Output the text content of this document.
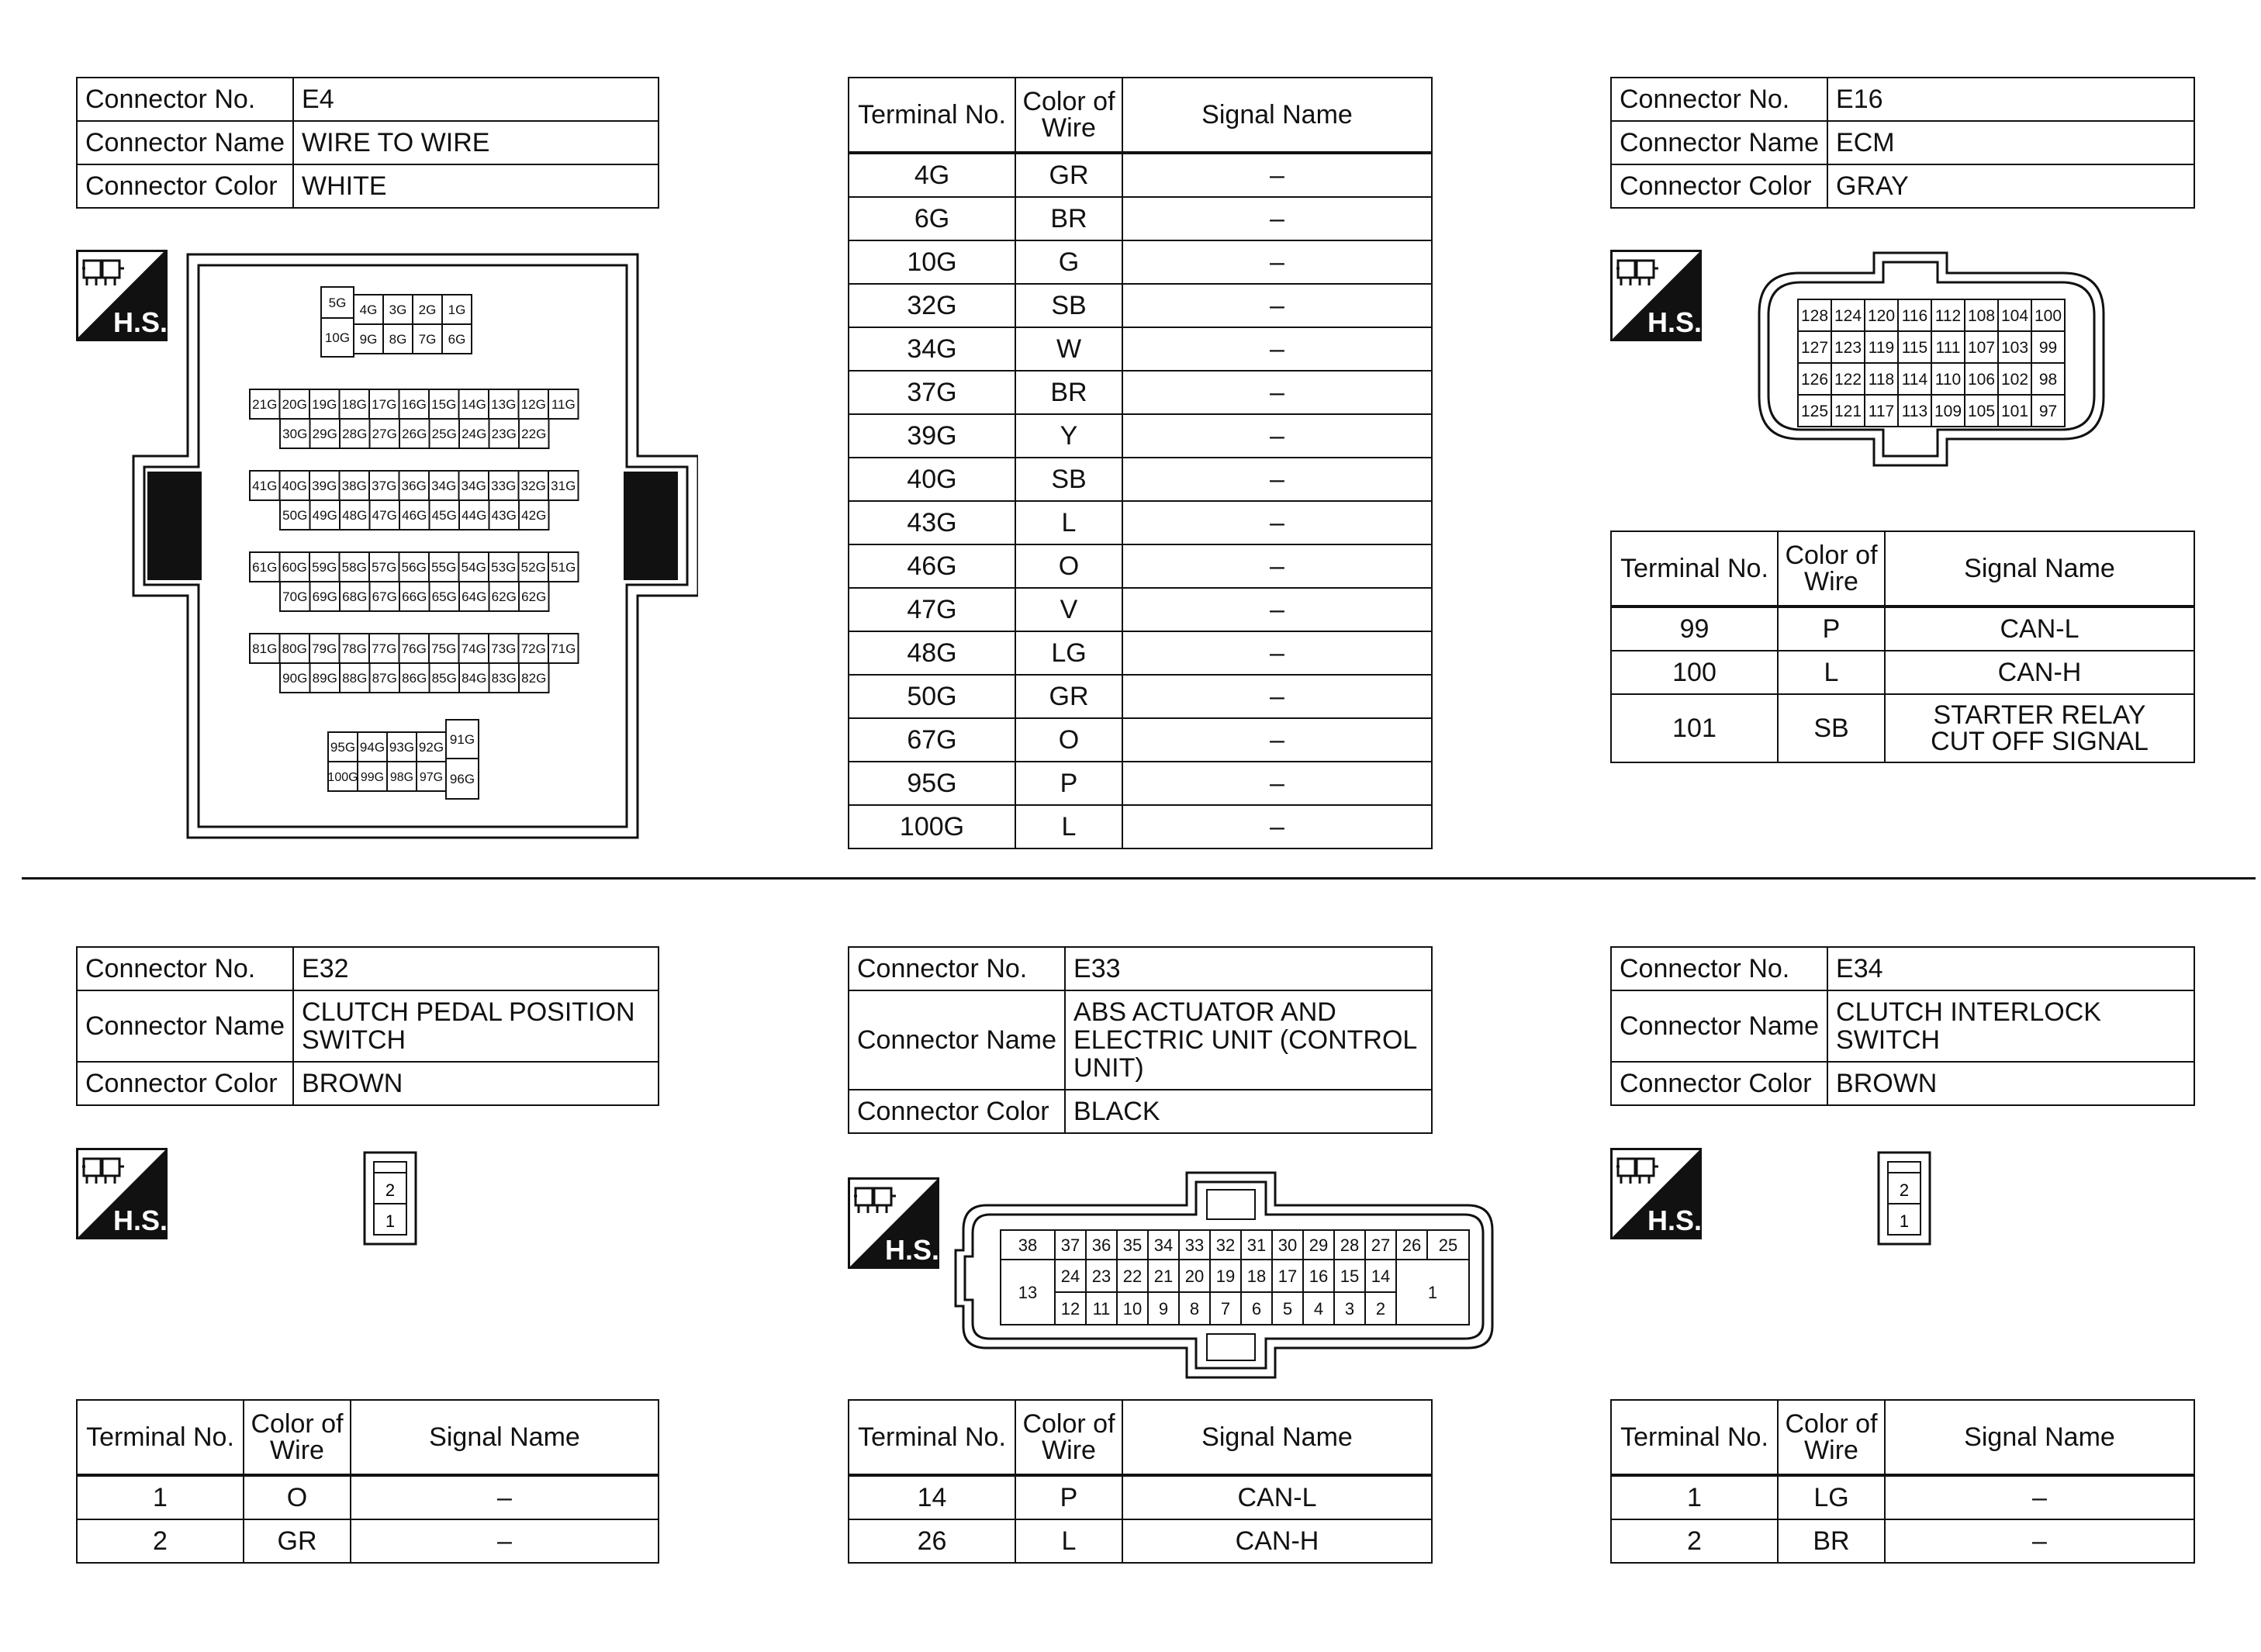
Connector No.	E4
Connector Name	WIRE TO WIRE
Connector Color	WHITE
H.S.
5G 4G 3G 2G 1G
10G 9G 8G 7G 6G
21G 20G 19G 18G 17G 16G 15G 14G 13G 12G 11G
30G 29G 28G 27G 26G 25G 24G 23G 22G
41G 40G 39G 38G 37G 36G 34G 34G 33G 32G 31G
50G 49G 48G 47G 46G 45G 44G 43G 42G
61G 60G 59G 58G 57G 56G 55G 54G 53G 52G 51G
70G 69G 68G 67G 66G 65G 64G 62G 62G
81G 80G 79G 78G 77G 76G 75G 74G 73G 72G 71G
90G 89G 88G 87G 86G 85G 84G 83G 82G
95G 94G 93G 92G
91G
100G 99G 98G 97G 96G
Terminal No.	Color of Wire	Signal Name
4G	GR	–
6G	BR	–
10G	G	–
32G	SB	–
34G	W	–
37G	BR	–
39G	Y	–
40G	SB	–
43G	L	–
46G	O	–
47G	V	–
48G	LG	–
50G	GR	–
67G	O	–
95G	P	–
100G	L	–
Connector No.	E16
Connector Name	ECM
Connector Color	GRAY
H.S.	128 124 120 116 112 108 104 100
127 123 119 115 111 107 103 99
126 122 118 114 110 106 102 98
125 121 117 113 109 105 101 97
Terminal No.	Color of Wire	Signal Name
99	P	CAN-L
100	L	CAN-H
101	SB	STARTER RELAY CUT OFF SIGNAL
Connector No.	E32
Connector Name	CLUTCH PEDAL POSITION SWITCH
Connector Color	BROWN
H.S.
2
1
Terminal No.	Color of Wire	Signal Name
1	O	–
2	GR	–
Connector No.	E33
Connector Name	ABS ACTUATOR AND ELECTRIC UNIT (CONTROL UNIT)
Connector Color	BLACK
H.S.	38 37 36 35 34 33 32 31 30 29 28 27 26 25
13
24 23 22 21 20 19 18 17 16 15 14
12 11 10 9 8 7 6 5 4 3 2
1
Terminal No.	Color of Wire	Signal Name
14	P	CAN-L
26	L	CAN-H
Connector No.	E34
Connector Name	CLUTCH INTERLOCK SWITCH
Connector Color	BROWN
H.S.
2
1
Terminal No.	Color of Wire	Signal Name
1	LG	–
2	BR	–
